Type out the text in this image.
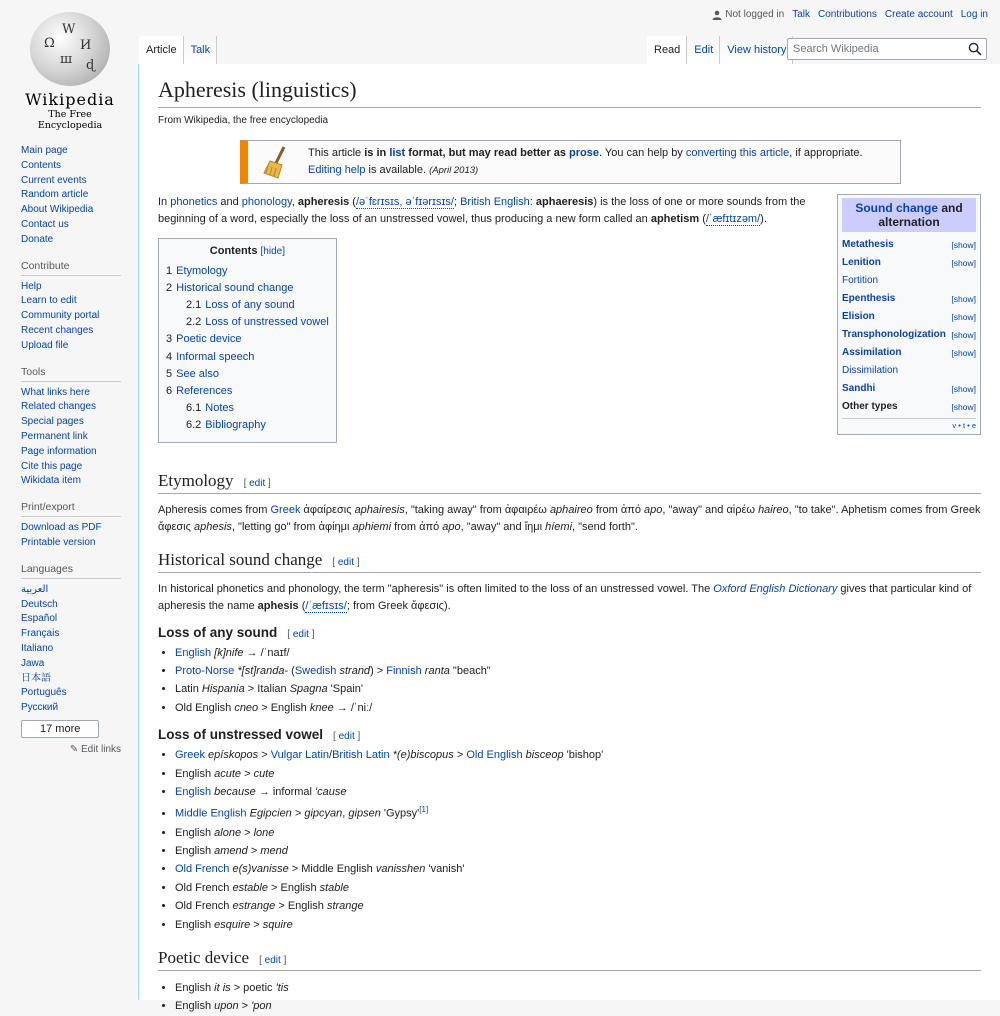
W
Ω И
ш ɖ
Wikipedia
The Free Encyclopedia
Main page
Contents
Current events
Random article
About Wikipedia
Contact us
Donate
Contribute
Help
Learn to edit
Community portal
Recent changes
Upload file
Tools
What links here
Related changes
Special pages
Permanent link
Page information
Cite this page
Wikidata item
Print/export
Download as PDF
Printable version
Languages
العربية
Deutsch
Español
Français
Italiano
Jawa
日本語
Português
Русский
17 more
✎ Edit links
Not logged in Talk Contributions Create account Log in
Article	Talk	Read	Edit	View history
Search Wikipedia
Apheresis (linguistics)
From Wikipedia, the free encyclopedia
This article is in list format, but may read better as prose. You can help by converting this article, if appropriate. Editing help is available. (April 2013)
Sound change and alternation
Metathesis	[show]
Lenition	[show]
Fortition
Epenthesis	[show]
Elision	[show]
Transphonologization [show]
Assimilation	[show]
Dissimilation
Sandhi	[show]
Other types	[show]
v • t • e

In phonetics and phonology, apheresis (/əˈfɛrɪsɪs, əˈfɪərɪsɪs/; British English: aphaeresis) is the loss of one or more sounds from the beginning of a word, especially the loss of an unstressed vowel, thus producing a new form called an aphetism (/ˈæfɪtɪzəm/).

Contents [hide]
1 Etymology
2 Historical sound change
2.1 Loss of any sound
2.2 Loss of unstressed vowel
3 Poetic device
4 Informal speech
5 See also
6 References
6.1 Notes
6.2 Bibliography
Etymology [ edit ]

Apheresis comes from Greek ἀφαίρεσις aphairesis, "taking away" from ἀφαιρέω aphaireo from ἀπό apo, "away" and αἱρέω haireo, "to take". Aphetism comes from Greek ἄφεσις aphesis, "letting go" from ἀφίημι aphiemi from ἀπό apo, "away" and ἵημι híemi, "send forth".

Historical sound change [ edit ]

In historical phonetics and phonology, the term "apheresis" is often limited to the loss of an unstressed vowel. The Oxford English Dictionary gives that particular kind of apheresis the name aphesis (/ˈæfɪsɪs/; from Greek ἄφεσις).

Loss of any sound [ edit ]
• English [k]nife → /ˈnaɪf/
• Proto-Norse *[st]randa- (Swedish strand) > Finnish ranta "beach"
• Latin Hispania > Italian Spagna 'Spain'
• Old English cneo > English knee → /ˈniː/
Loss of unstressed vowel [ edit ]
• Greek epískopos > Vulgar Latin/British Latin *(e)biscopus > Old English bisceop 'bishop'
• English acute > cute
• English because → informal 'cause
• Middle English Egipcien > gipcyan, gipsen 'Gypsy'[1]
• English alone > lone
• English amend > mend
• Old French e(s)vanisse > Middle English vanisshen 'vanish'
• Old French estable > English stable
• Old French estrange > English strange
• English esquire > squire
Poetic device [ edit ]
• English it is > poetic 'tis
• English upon > 'pon
